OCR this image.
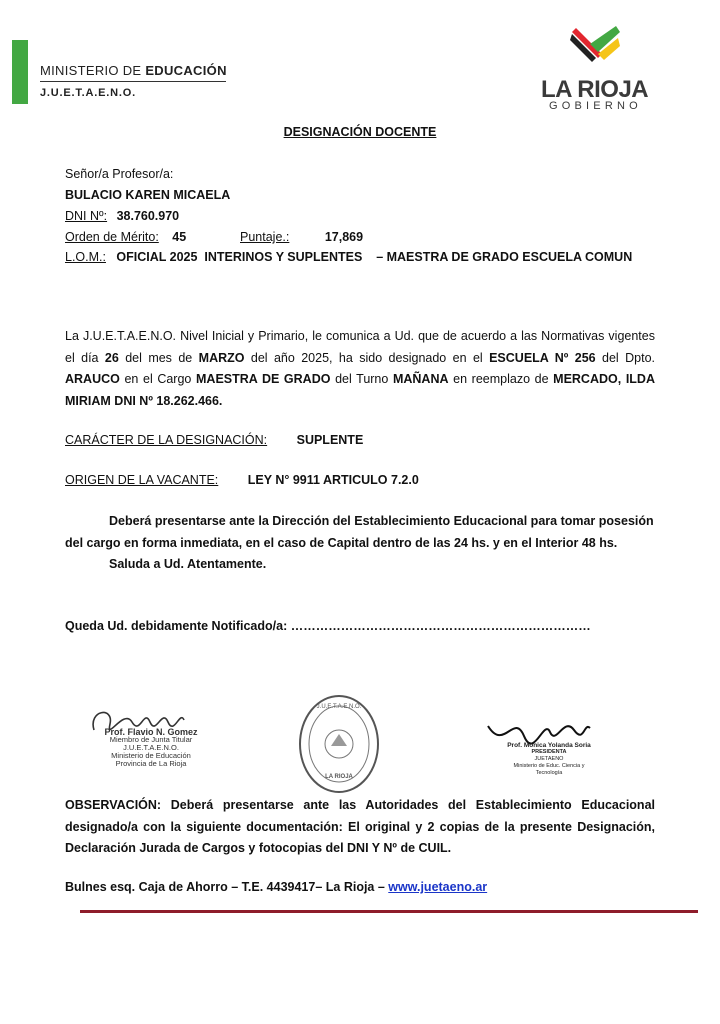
MINISTERIO DE EDUCACIÓN
J.U.E.T.A.E.N.O.	LA RIOJA
GOBIERNO
DESIGNACIÓN DOCENTE
Señor/a Profesor/a:
BULACIO KAREN MICAELA
DNI Nº: 38.760.970
Orden de Mérito: 45	Puntaje.:	17,869
L.O.M.: OFICIAL 2025  INTERINOS Y SUPLENTES    – MAESTRA DE GRADO ESCUELA COMUN
La J.U.E.T.A.E.N.O. Nivel Inicial y Primario, le comunica a Ud. que de acuerdo a las Normativas vigentes el día 26 del mes de MARZO del año 2025, ha sido designado en el ESCUELA Nº 256 del Dpto. ARAUCO en el Cargo MAESTRA DE GRADO del Turno MAÑANA en reemplazo de MERCADO, ILDA MIRIAM DNI Nº 18.262.466.
CARÁCTER DE LA DESIGNACIÓN: SUPLENTE
ORIGEN DE LA VACANTE: LEY N° 9911 ARTICULO 7.2.0
Deberá presentarse ante la Dirección del Establecimiento Educacional para tomar posesión
del cargo en forma inmediata, en el caso de Capital dentro de las 24 hs. y en el Interior 48 hs.
Saluda a Ud. Atentamente.
Queda Ud. debidamente Notificado/a: ………………………………………………………………
Prof. Flavio N. Gomez
Miembro de Junta Titular
J.U.E.T.A.E.N.O.
Ministerio de Educación
Provincia de La Rioja
J.U.E.T.A.E.N.O.
LA RIOJA
Prof. Mónica Yolanda Soria
PRESIDENTA
JUETAENO
Ministerio de Educ. Ciencia y Tecnología
OBSERVACIÓN: Deberá presentarse ante las Autoridades del Establecimiento Educacional designado/a con la siguiente documentación: El original y 2 copias de la presente Designación, Declaración Jurada de Cargos y fotocopias del DNI Y Nº de CUIL.
Bulnes esq. Caja de Ahorro – T.E. 4439417– La Rioja – www.juetaeno.ar
